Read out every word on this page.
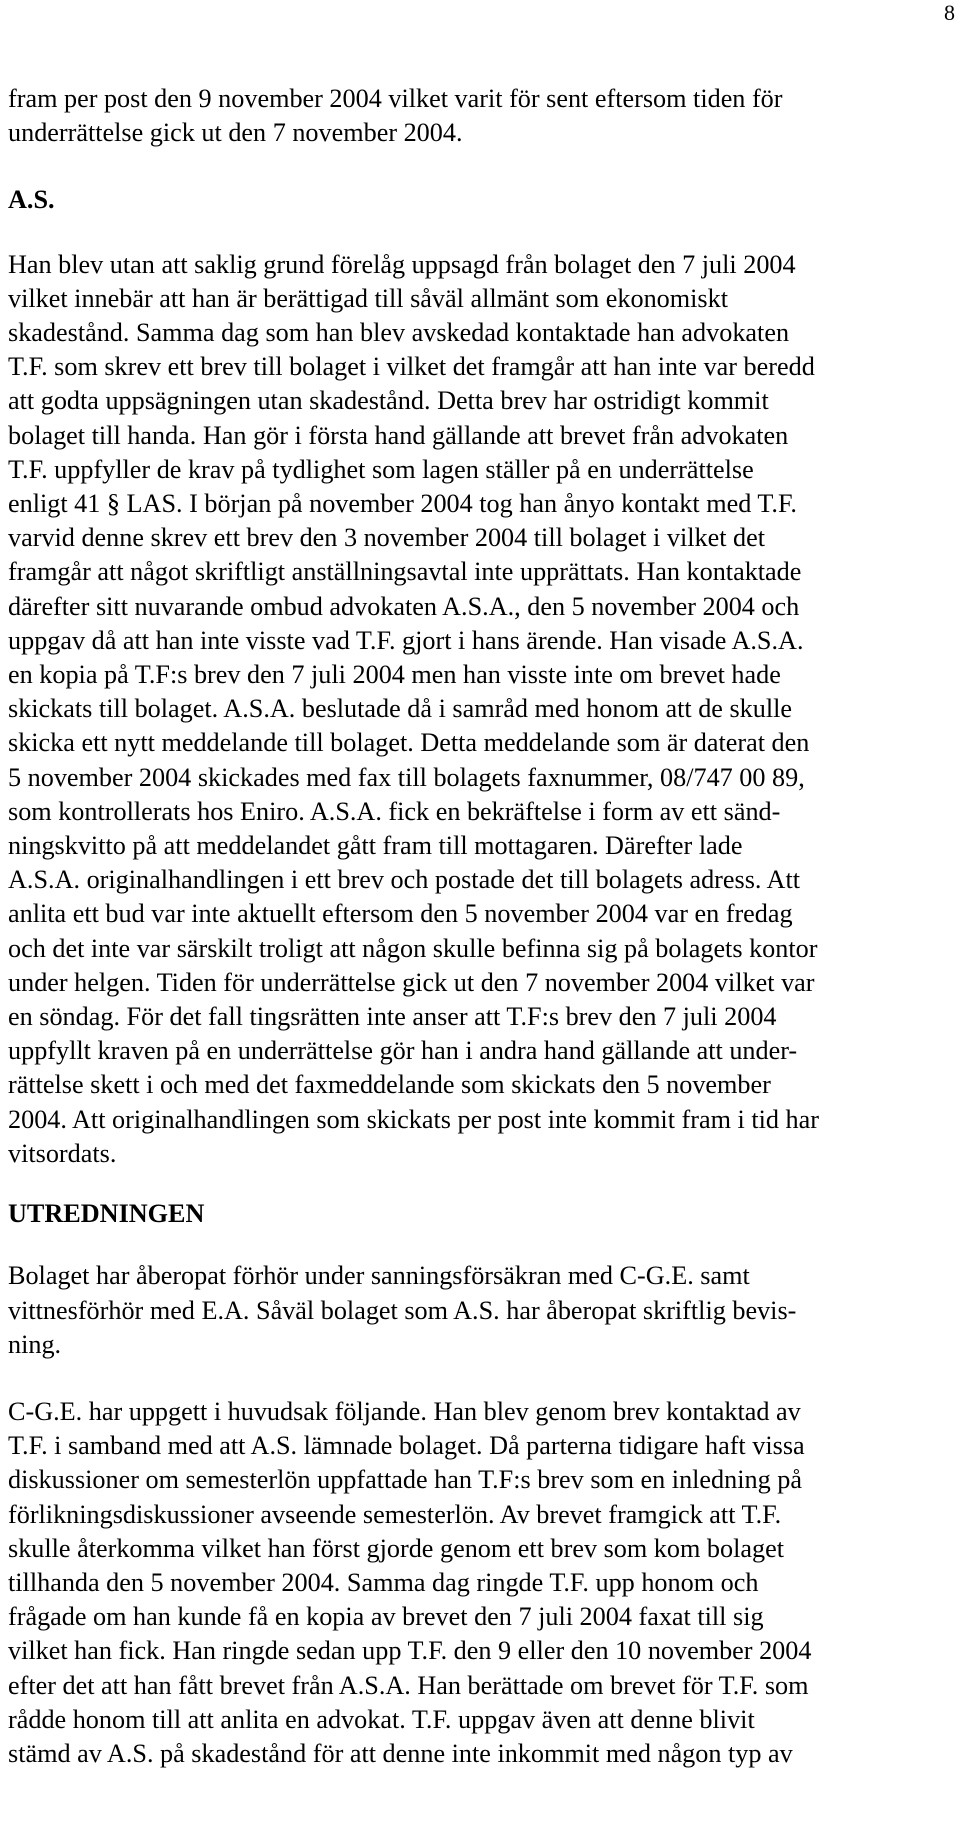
8
fram per post den 9 november 2004 vilket varit för sent eftersom tiden för
underrättelse gick ut den 7 november 2004.
A.S.
Han blev utan att saklig grund förelåg uppsagd från bolaget den 7 juli 2004
vilket innebär att han är berättigad till såväl allmänt som ekonomiskt
skadestånd. Samma dag som han blev avskedad kontaktade han advokaten
T.F. som skrev ett brev till bolaget i vilket det framgår att han inte var beredd
att godta uppsägningen utan skadestånd. Detta brev har ostridigt kommit
bolaget till handa. Han gör i första hand gällande att brevet från advokaten
T.F. uppfyller de krav på tydlighet som lagen ställer på en underrättelse
enligt 41 § LAS. I början på november 2004 tog han ånyo kontakt med T.F.
varvid denne skrev ett brev den 3 november 2004 till bolaget i vilket det
framgår att något skriftligt anställningsavtal inte upprättats. Han kontaktade
därefter sitt nuvarande ombud advokaten A.S.A., den 5 november 2004 och
uppgav då att han inte visste vad T.F. gjort i hans ärende. Han visade A.S.A.
en kopia på T.F:s brev den 7 juli 2004 men han visste inte om brevet hade
skickats till bolaget. A.S.A. beslutade då i samråd med honom att de skulle
skicka ett nytt meddelande till bolaget. Detta meddelande som är daterat den
5 november 2004 skickades med fax till bolagets faxnummer, 08/747 00 89,
som kontrollerats hos Eniro. A.S.A. fick en bekräftelse i form av ett sänd-
ningskvitto på att meddelandet gått fram till mottagaren. Därefter lade
A.S.A. originalhandlingen i ett brev och postade det till bolagets adress. Att
anlita ett bud var inte aktuellt eftersom den 5 november 2004 var en fredag
och det inte var särskilt troligt att någon skulle befinna sig på bolagets kontor
under helgen. Tiden för underrättelse gick ut den 7 november 2004 vilket var
en söndag. För det fall tingsrätten inte anser att T.F:s brev den 7 juli 2004
uppfyllt kraven på en underrättelse gör han i andra hand gällande att under-
rättelse skett i och med det faxmeddelande som skickats den 5 november
2004. Att originalhandlingen som skickats per post inte kommit fram i tid har
vitsordats.
UTREDNINGEN
Bolaget har åberopat förhör under sanningsförsäkran med C-G.E. samt
vittnesförhör med E.A. Såväl bolaget som A.S. har åberopat skriftlig bevis-
ning.
C-G.E. har uppgett i huvudsak följande. Han blev genom brev kontaktad av
T.F. i samband med att A.S. lämnade bolaget. Då parterna tidigare haft vissa
diskussioner om semesterlön uppfattade han T.F:s brev som en inledning på
förlikningsdiskussioner avseende semesterlön. Av brevet framgick att T.F.
skulle återkomma vilket han först gjorde genom ett brev som kom bolaget
tillhanda den 5 november 2004. Samma dag ringde T.F. upp honom och
frågade om han kunde få en kopia av brevet den 7 juli 2004 faxat till sig
vilket han fick. Han ringde sedan upp T.F. den 9 eller den 10 november 2004
efter det att han fått brevet från A.S.A. Han berättade om brevet för T.F. som
rådde honom till att anlita en advokat. T.F. uppgav även att denne blivit
stämd av A.S. på skadestånd för att denne inte inkommit med någon typ av
